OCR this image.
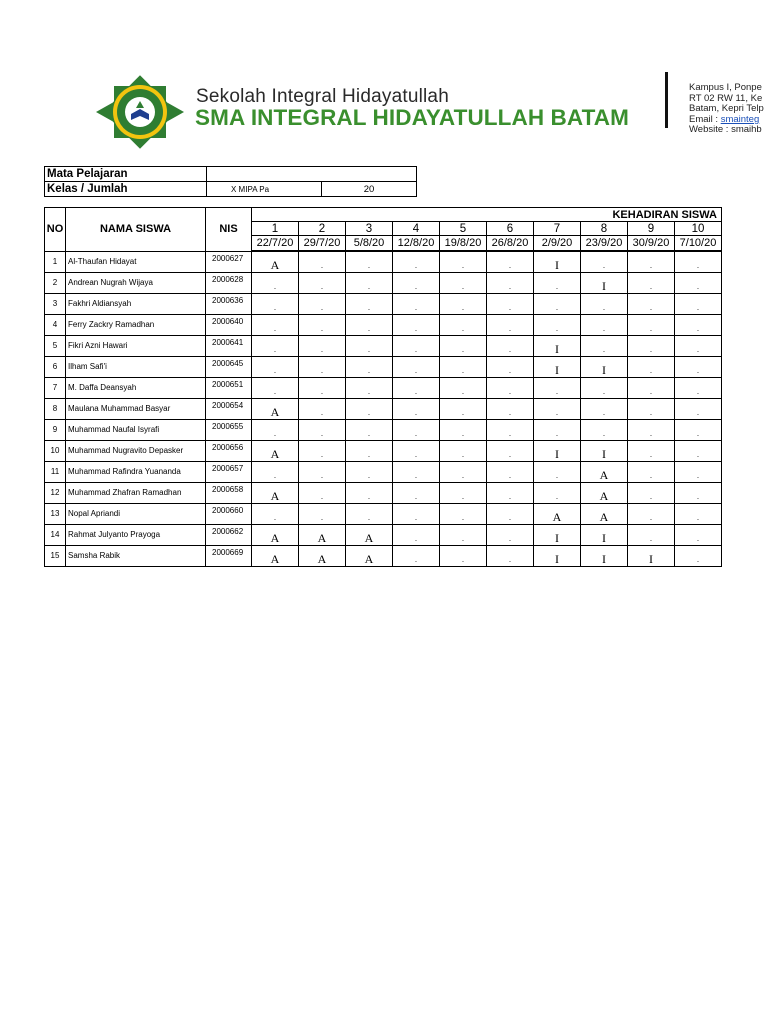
Sekolah Integral Hidayatullah
SMA INTEGRAL HIDAYATULLAH BATAM
Kampus I, Ponpe
RT 02 RW 11, Ke
Batam, Kepri Telp
Email : smainteg
Website : smaihb
Mata Pelajaran		
Kelas / Jumlah	X MIPA Pa	20
NO	NAMA SISWA	NIS	KEHADIRAN SISWA									
			1	2	3	4	5	6	7	8	9	10
			22/7/20	29/7/20	5/8/20	12/8/20	19/8/20	26/8/20	2/9/20	23/9/20	30/9/20	7/10/20
1	Al-Thaufan Hidayat	2000627	A	.	.	.	.	.	I	.	.	.
2	Andrean Nugrah Wijaya	2000628	.	.	.	.	.	.	.	I	.	.
3	Fakhri Aldiansyah	2000636	.	.	.	.	.	.	.	.	.	.
4	Ferry Zackry Ramadhan	2000640	.	.	.	.	.	.	.	.	.	.
5	Fikri Azni Hawari	2000641	.	.	.	.	.	.	I	.	.	.
6	Ilham Safi'i	2000645	.	.	.	.	.	.	I	I	.	.
7	M. Daffa Deansyah	2000651	.	.	.	.	.	.	.	.	.	.
8	Maulana Muhammad Basyar	2000654	A	.	.	.	.	.	.	.	.	.
9	Muhammad Naufal Isyrafi	2000655	.	.	.	.	.	.	.	.	.	.
10	Muhammad Nugravito Depasker	2000656	A	.	.	.	.	.	I	I	.	.
11	Muhammad Rafindra Yuananda	2000657	.	.	.	.	.	.	.	A	.	.
12	Muhammad Zhafran Ramadhan	2000658	A	.	.	.	.	.	.	A	.	.
13	Nopal Apriandi	2000660	.	.	.	.	.	.	A	A	.	.
14	Rahmat Julyanto Prayoga	2000662	A	A	A	.	.	.	I	I	.	.
15	Samsha Rabik	2000669	A	A	A	.	.	.	I	I	I	.
